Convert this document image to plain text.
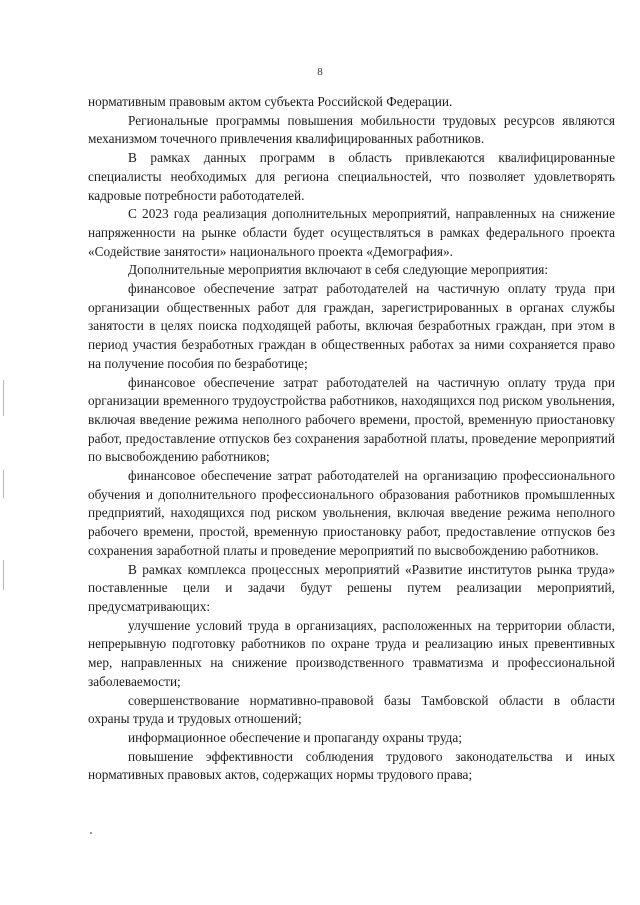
8

нормативным правовым актом субъекта Российской Федерации.

Региональные программы повышения мобильности трудовых ресурсов являются механизмом точечного привлечения квалифицированных работников.

В рамках данных программ в область привлекаются квалифицированные специалисты необходимых для региона специальностей, что позволяет удовлетворять кадровые потребности работодателей.

С 2023 года реализация дополнительных мероприятий, направленных на снижение напряженности на рынке области будет осуществляться в рамках федерального проекта «Содействие занятости» национального проекта «Демография».

Дополнительные мероприятия включают в себя следующие мероприятия:

финансовое обеспечение затрат работодателей на частичную оплату труда при организации общественных работ для граждан, зарегистрированных в органах службы занятости в целях поиска подходящей работы, включая безработных граждан, при этом в период участия безработных граждан в общественных работах за ними сохраняется право на получение пособия по безработице;

финансовое обеспечение затрат работодателей на частичную оплату труда при организации временного трудоустройства работников, находящихся под риском увольнения, включая введение режима неполного рабочего времени, простой, временную приостановку работ, предоставление отпусков без сохранения заработной платы, проведение мероприятий по высвобождению работников;

финансовое обеспечение затрат работодателей на организацию профессионального обучения и дополнительного профессионального образования работников промышленных предприятий, находящихся под риском увольнения, включая введение режима неполного рабочего времени, простой, временную приостановку работ, предоставление отпусков без сохранения заработной платы и проведение мероприятий по высвобождению работников.

В рамках комплекса процессных мероприятий «Развитие институтов рынка труда» поставленные цели и задачи будут решены путем реализации мероприятий, предусматривающих:

улучшение условий труда в организациях, расположенных на территории области, непрерывную подготовку работников по охране труда и реализацию иных превентивных мер, направленных на снижение производственного травматизма и профессиональной заболеваемости;

совершенствование нормативно-правовой базы Тамбовской области в области охраны труда и трудовых отношений;

информационное обеспечение и пропаганду охраны труда;

повышение эффективности соблюдения трудового законодательства и иных нормативных правовых актов, содержащих нормы трудового права;
